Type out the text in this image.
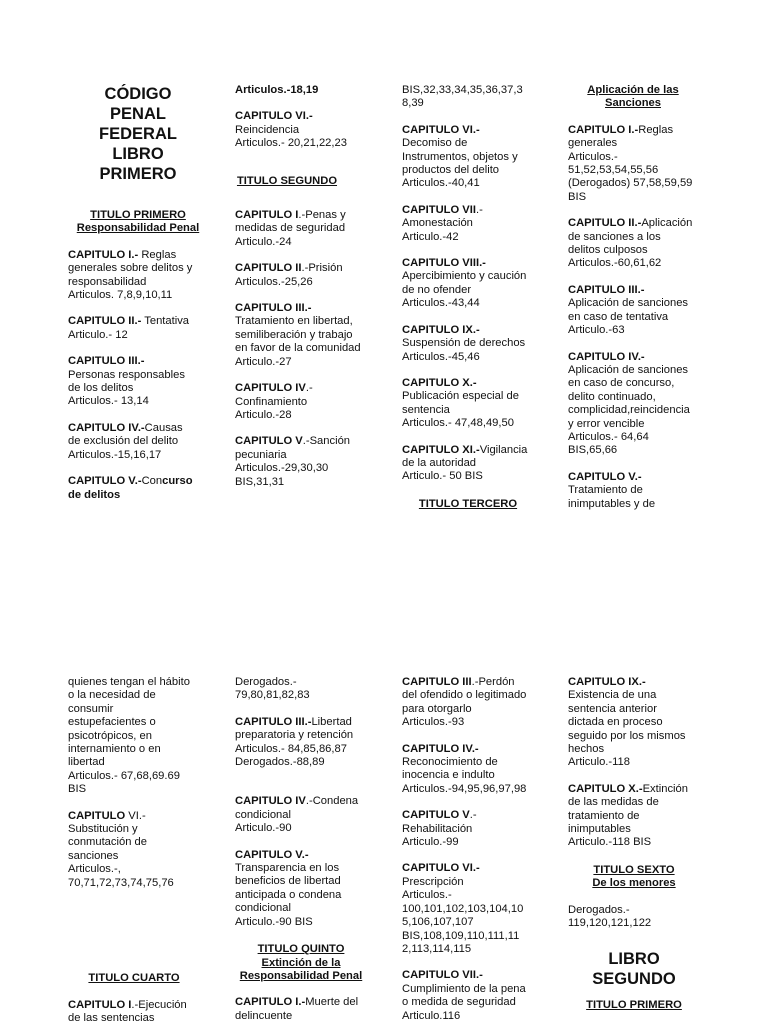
CÓDIGO
PENAL
FEDERAL
LIBRO
PRIMERO
TITULO PRIMERO
Responsabilidad Penal

CAPITULO I.- Reglas

generales sobre delitos y

responsabilidad

Articulos. 7,8,9,10,11

CAPITULO II.- Tentativa

Articulo.- 12

CAPITULO III.-

Personas responsables

de los delitos

Articulos.- 13,14

CAPITULO IV.-Causas

de exclusión del delito

Articulos.-15,16,17

CAPITULO V.-Concurso

de delitos

Articulos.-18,19

CAPITULO VI.-

Reincidencia

Articulos.- 20,21,22,23

TITULO SEGUNDO

CAPITULO I.-Penas y

medidas de seguridad

Articulo.-24

CAPITULO II.-Prisión

Articulos.-25,26

CAPITULO III.-

Tratamiento en libertad,

semiliberación y trabajo

en favor de la comunidad

Articulo.-27

CAPITULO IV.-

Confinamiento

Articulo.-28

CAPITULO V.-Sanción

pecuniaria

Articulos.-29,30,30

BIS,31,31

BIS,32,33,34,35,36,37,3

8,39

CAPITULO VI.-

Decomiso de

Instrumentos, objetos y

productos del delito

Articulos.-40,41

CAPITULO VII.-

Amonestación

Articulo.-42

CAPITULO VIII.-

Apercibimiento y caución

de no ofender

Articulos.-43,44

CAPITULO IX.-

Suspensión de derechos

Articulos.-45,46

CAPITULO X.-

Publicación especial de

sentencia

Articulos.- 47,48,49,50

CAPITULO XI.-Vigilancia

de la autoridad

Articulo.- 50 BIS

TITULO TERCERO
Aplicación de las
Sanciones

CAPITULO I.-Reglas

generales

Articulos.-

51,52,53,54,55,56

(Derogados) 57,58,59,59

BIS

CAPITULO II.-Aplicación

de sanciones a los

delitos culposos

Articulos.-60,61,62

CAPITULO III.-

Aplicación de sanciones

en caso de tentativa

Articulo.-63

CAPITULO IV.-

Aplicación de sanciones

en caso de concurso,

delito continuado,

complicidad,reincidencia

y error vencible

Articulos.- 64,64

BIS,65,66

CAPITULO V.-

Tratamiento de

inimputables y de

quienes tengan el hábito

o la necesidad de

consumir

estupefacientes o

psicotrópicos, en

internamiento o en

libertad

Articulos.- 67,68,69.69

BIS

CAPITULO VI.-

Substitución y

conmutación de

sanciones

Articulos.-,

70,71,72,73,74,75,76

TITULO CUARTO

CAPITULO I.-Ejecución

de las sentencias

Derogados.-

79,80,81,82,83

CAPITULO III.-Libertad

preparatoria y retención

Articulos.- 84,85,86,87

Derogados.-88,89

CAPITULO IV.-Condena

condicional

Articulo.-90

CAPITULO V.-

Transparencia en los

beneficios de libertad

anticipada o condena

condicional

Articulo.-90 BIS

TITULO QUINTO
Extinción de la
Responsabilidad Penal

CAPITULO I.-Muerte del

delincuente

CAPITULO III.-Perdón

del ofendido o legitimado

para otorgarlo

Articulos.-93

CAPITULO IV.-

Reconocimiento de

inocencia e indulto

Articulos.-94,95,96,97,98

CAPITULO V.-

Rehabilitación

Articulo.-99

CAPITULO VI.-

Prescripción

Articulos.-

100,101,102,103,104,10

5,106,107,107

BIS,108,109,110,111,11

2,113,114,115

CAPITULO VII.-

Cumplimiento de la pena

o medida de seguridad

Articulo.116

CAPITULO IX.-

Existencia de una

sentencia anterior

dictada en proceso

seguido por los mismos

hechos

Articulo.-118

CAPITULO X.-Extinción

de las medidas de

tratamiento de

inimputables

Articulo.-118 BIS

TITULO SEXTO
De los menores

Derogados.-

119,120,121,122

LIBRO
SEGUNDO
TITULO PRIMERO
